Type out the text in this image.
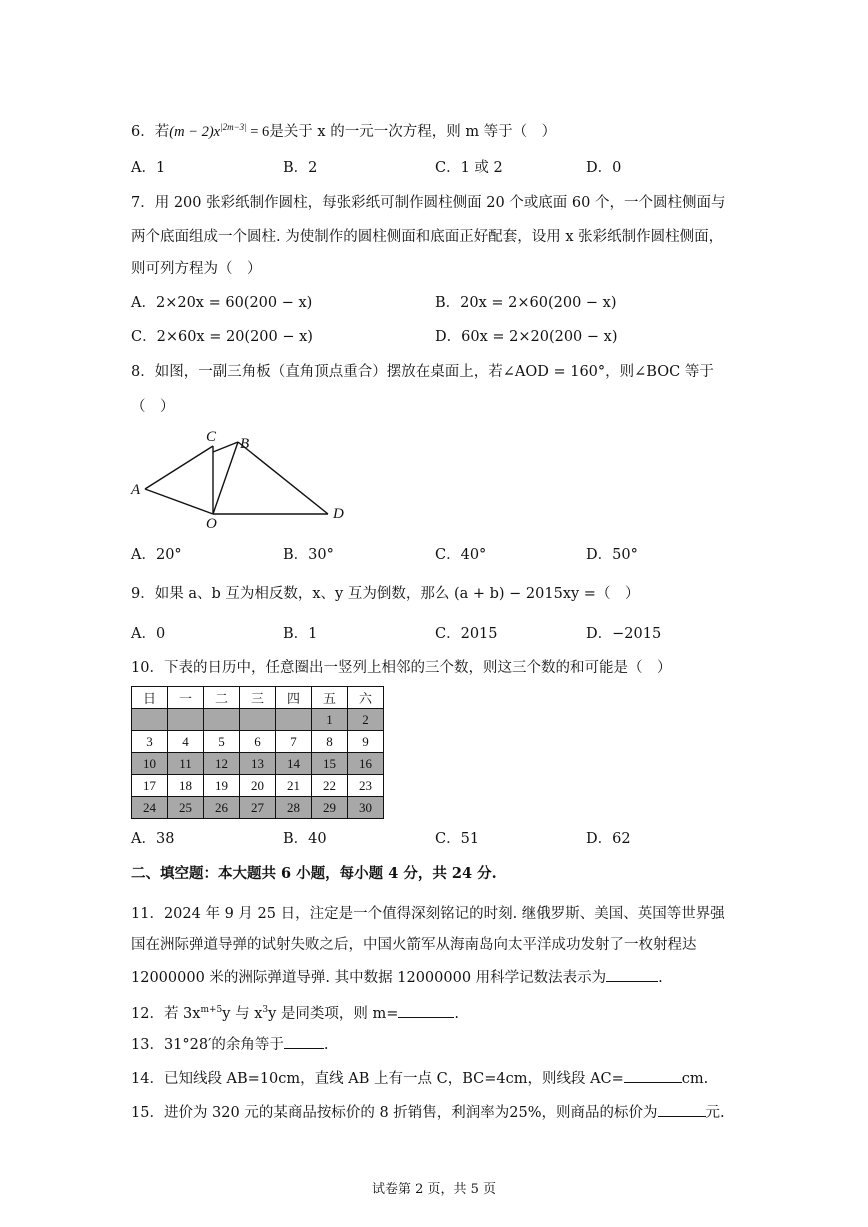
6．若$(m - 2)x^{|2m-3|} = 6$是关于 x 的一元一次方程，则 m 等于（　）
A．1	B．2	C．1 或 2	D．0
7．用 200 张彩纸制作圆柱，每张彩纸可制作圆柱侧面 20 个或底面 60 个，一个圆柱侧面与
两个底面组成一个圆柱. 为使制作的圆柱侧面和底面正好配套，设用 x 张彩纸制作圆柱侧面，
则可列方程为（　）
A．2×20x = 60(200 − x)	B．20x = 2×60(200 − x)
C．2×60x = 20(200 − x)	D．60x = 2×20(200 − x)
8．如图，一副三角板（直角顶点重合）摆放在桌面上，若∠AOD = 160°，则∠BOC 等于
（　）
C B
A
O
D
A．20°	B．30°	C．40°	D．50°
9．如果 a、b 互为相反数，x、y 互为倒数，那么 (a + b) − 2015xy =（　）
A．0	B．1	C．2015	D．−2015
10．下表的日历中，任意圈出一竖列上相邻的三个数，则这三个数的和可能是（　）
日	一	二	三	四	五	六
					1	2
3	4	5	6	7	8	9
10	11	12	13	14	15	16
17	18	19	20	21	22	23
24	25	26	27	28	29	30
A．38	B．40	C．51	D．62
二、填空题：本大题共 6 小题，每小题 4 分，共 24 分.
11．2024 年 9 月 25 日，注定是一个值得深刻铭记的时刻. 继俄罗斯、美国、英国等世界强
国在洲际弹道导弹的试射失败之后，中国火箭军从海南岛向太平洋成功发射了一枚射程达
12000000 米的洲际弹道导弹. 其中数据 12000000 用科学记数法表示为	.
12．若 $3x^{m+5}y$ 与 $x^3y$ 是同类项，则 m=	.
13．31°28′的余角等于	.
14．已知线段 AB=10cm，直线 AB 上有一点 C，BC=4cm，则线段 AC=	cm.
15．进价为 320 元的某商品按标价的 8 折销售，利润率为25%，则商品的标价为	元.
试卷第 2 页，共 5 页
